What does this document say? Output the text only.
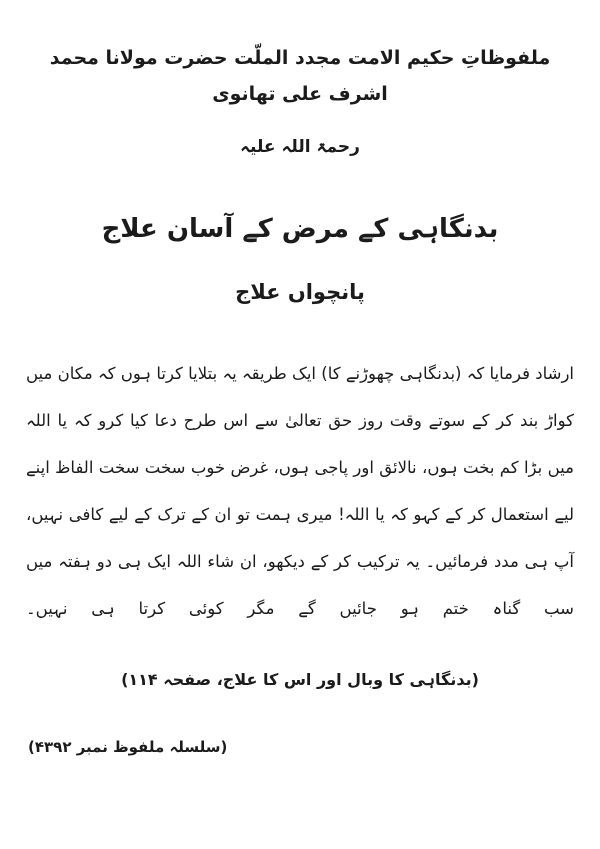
ملفوظاتِ حکیم الامت مجدد الملّت حضرت مولانا محمد اشرف علی تھانوی
رحمۃ اللہ علیہ
بدنگاہی کے مرض کے آسان علاج
پانچواں علاج

ارشاد فرمایا کہ (بدنگاہی چھوڑنے کا) ایک طریقہ یہ بتلایا کرتا ہوں کہ مکان میں کواڑ بند کر کے سوتے وقت روز حق تعالیٰ سے اس طرح دعا کیا کرو کہ یا اللہ میں بڑا کم بخت ہوں، نالائق اور پاجی ہوں، غرض خوب سخت سخت الفاظ اپنے لیے استعمال کر کے کہو کہ یا اللہ! میری ہمت تو ان کے ترک کے لیے کافی نہیں، آپ ہی مدد فرمائیں۔ یہ ترکیب کر کے دیکھو، ان شاء اللہ ایک ہی دو ہفتہ میں سب گناہ ختم ہو جائیں گے مگر کوئی کرتا ہی نہیں۔

(بدنگاہی کا وبال اور اس کا علاج، صفحہ ۱۱۴)
(سلسلہ ملفوظ نمبر ۴۳۹۲)
